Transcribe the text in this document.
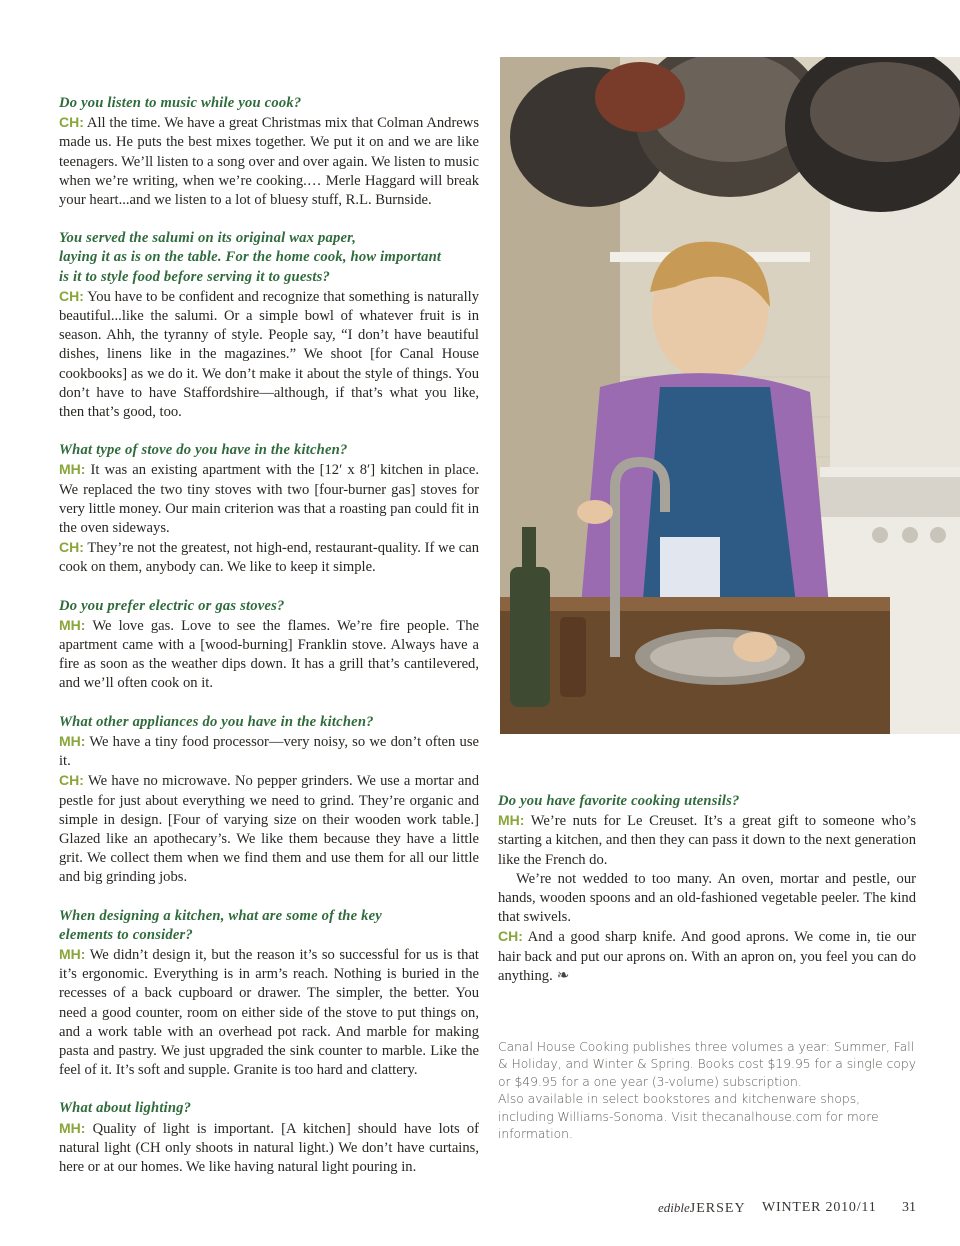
Do you listen to music while you cook?

CH: All the time. We have a great Christmas mix that Colman Andrews made us. He puts the best mixes together. We put it on and we are like teenagers. We’ll listen to a song over and over again. We listen to music when we’re writing, when we’re cooking.… Merle Haggard will break your heart...and we listen to a lot of bluesy stuff, R.L. Burnside.

You served the salumi on its original wax paper,
laying it as is on the table. For the home cook, how important
is it to style food before serving it to guests?

CH: You have to be confident and recognize that something is naturally beautiful...like the salumi. Or a simple bowl of whatever fruit is in season. Ahh, the tyranny of style. People say, “I don’t have beautiful dishes, linens like in the magazines.” We shoot [for Canal House cookbooks] as we do it. We don’t make it about the style of things. You don’t have to have Staffordshire—although, if that’s what you like, then that’s good, too.

What type of stove do you have in the kitchen?

MH: It was an existing apartment with the [12′ x 8′] kitchen in place. We replaced the two tiny stoves with two [four-burner gas] stoves for very little money. Our main criterion was that a roasting pan could fit in the oven sideways.

CH: They’re not the greatest, not high-end, restaurant-quality. If we can cook on them, anybody can. We like to keep it simple.

Do you prefer electric or gas stoves?

MH: We love gas. Love to see the flames. We’re fire people. The apartment came with a [wood-burning] Franklin stove. Always have a fire as soon as the weather dips down. It has a grill that’s cantilevered, and we’ll often cook on it.

What other appliances do you have in the kitchen?

MH: We have a tiny food processor—very noisy, so we don’t often use it.

CH: We have no microwave. No pepper grinders. We use a mortar and pestle for just about everything we need to grind. They’re organic and simple in design. [Four of varying size on their wooden work table.] Glazed like an apothecary’s. We like them because they have a little grit. We collect them when we find them and use them for all our little and big grinding jobs.

When designing a kitchen, what are some of the key
elements to consider?

MH: We didn’t design it, but the reason it’s so successful for us is that it’s ergonomic. Everything is in arm’s reach. Nothing is buried in the recesses of a back cupboard or drawer. The simpler, the better. You need a good counter, room on either side of the stove to put things on, and a work table with an overhead pot rack. And marble for making pasta and pastry. We just upgraded the sink counter to marble. Like the feel of it. It’s soft and supple. Granite is too hard and clattery.

What about lighting?

MH: Quality of light is important. [A kitchen] should have lots of natural light (CH only shoots in natural light.) We don’t have curtains, here or at our homes. We like having natural light pouring in.

Do you have favorite cooking utensils?

MH: We’re nuts for Le Creuset. It’s a great gift to someone who’s starting a kitchen, and then they can pass it down to the next generation like the French do.

We’re not wedded to too many. An oven, mortar and pestle, our hands, wooden spoons and an old-fashioned vegetable peeler. The kind that swivels.

CH: And a good sharp knife. And good aprons. We come in, tie our hair back and put our aprons on. With an apron on, you feel you can do anything. ❧

Canal House Cooking publishes three volumes a year: Summer, Fall & Holiday, and Winter & Spring. Books cost $19.95 for a single copy or $49.95 for a one year (3-volume) subscription.

Also available in select bookstores and kitchenware shops, including Williams-Sonoma. Visit thecanalhouse.com for more information.

edibleJERSEY WINTER 2010/11 31
